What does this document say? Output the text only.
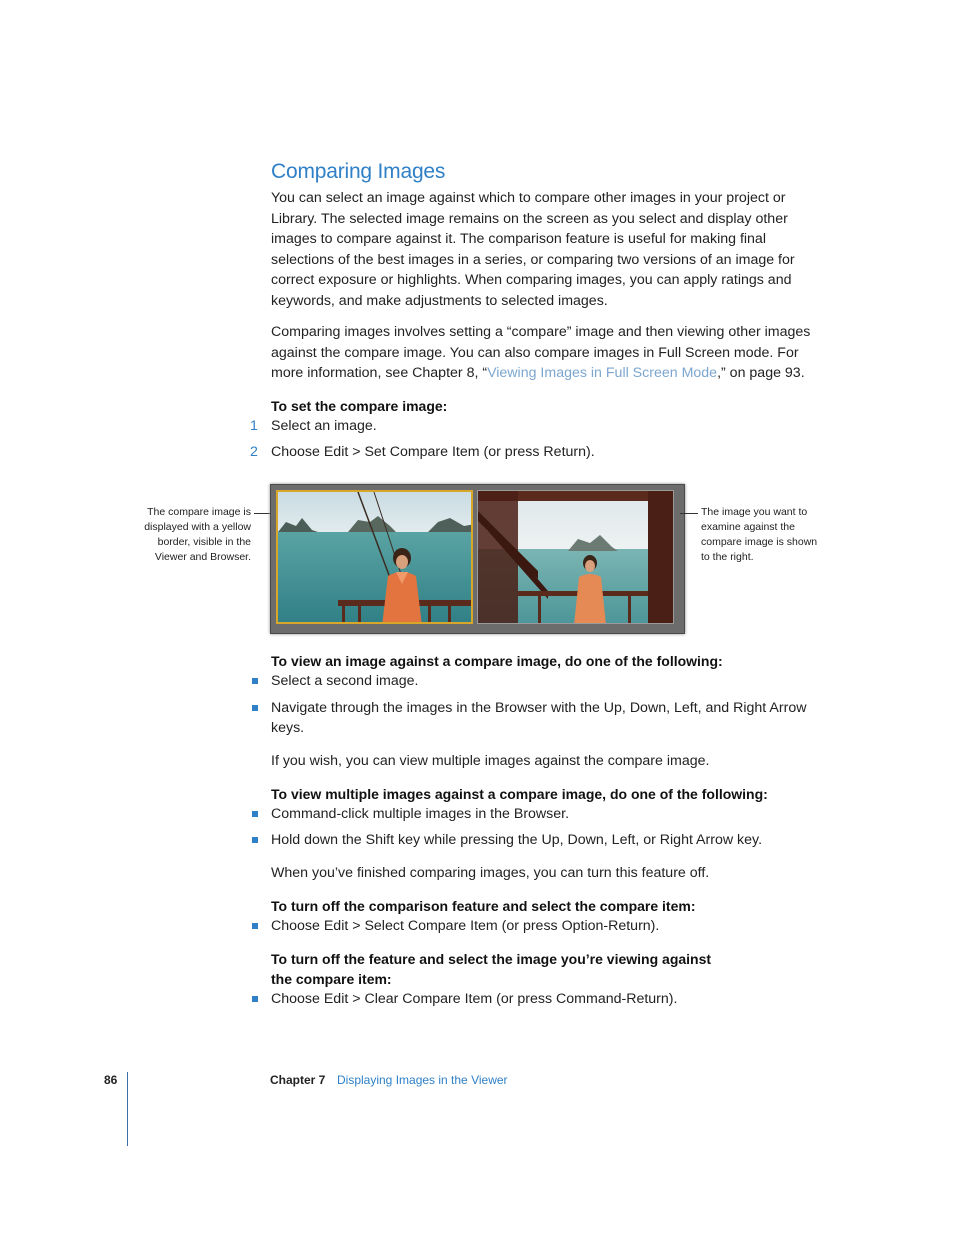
Comparing Images
You can select an image against which to compare other images in your project or Library. The selected image remains on the screen as you select and display other images to compare against it. The comparison feature is useful for making final selections of the best images in a series, or comparing two versions of an image for correct exposure or highlights. When comparing images, you can apply ratings and keywords, and make adjustments to selected images.
Comparing images involves setting a “compare” image and then viewing other images against the compare image. You can also compare images in Full Screen mode. For more information, see Chapter 8, “Viewing Images in Full Screen Mode,” on page 93.
To set the compare image:
1 Select an image.
2 Choose Edit > Set Compare Item (or press Return).
The compare image is
displayed with a yellow
border, visible in the
Viewer and Browser.
The image you want to
examine against the
compare image is shown
to the right.
To view an image against a compare image, do one of the following:
Select a second image.
Navigate through the images in the Browser with the Up, Down, Left, and Right Arrow keys.
If you wish, you can view multiple images against the compare image.
To view multiple images against a compare image, do one of the following:
Command-click multiple images in the Browser.
Hold down the Shift key while pressing the Up, Down, Left, or Right Arrow key.
When you’ve finished comparing images, you can turn this feature off.
To turn off the comparison feature and select the compare item:
Choose Edit > Select Compare Item (or press Option-Return).
To turn off the feature and select the image you’re viewing against
the compare item:
Choose Edit > Clear Compare Item (or press Command-Return).
86	Chapter 7 Displaying Images in the Viewer
